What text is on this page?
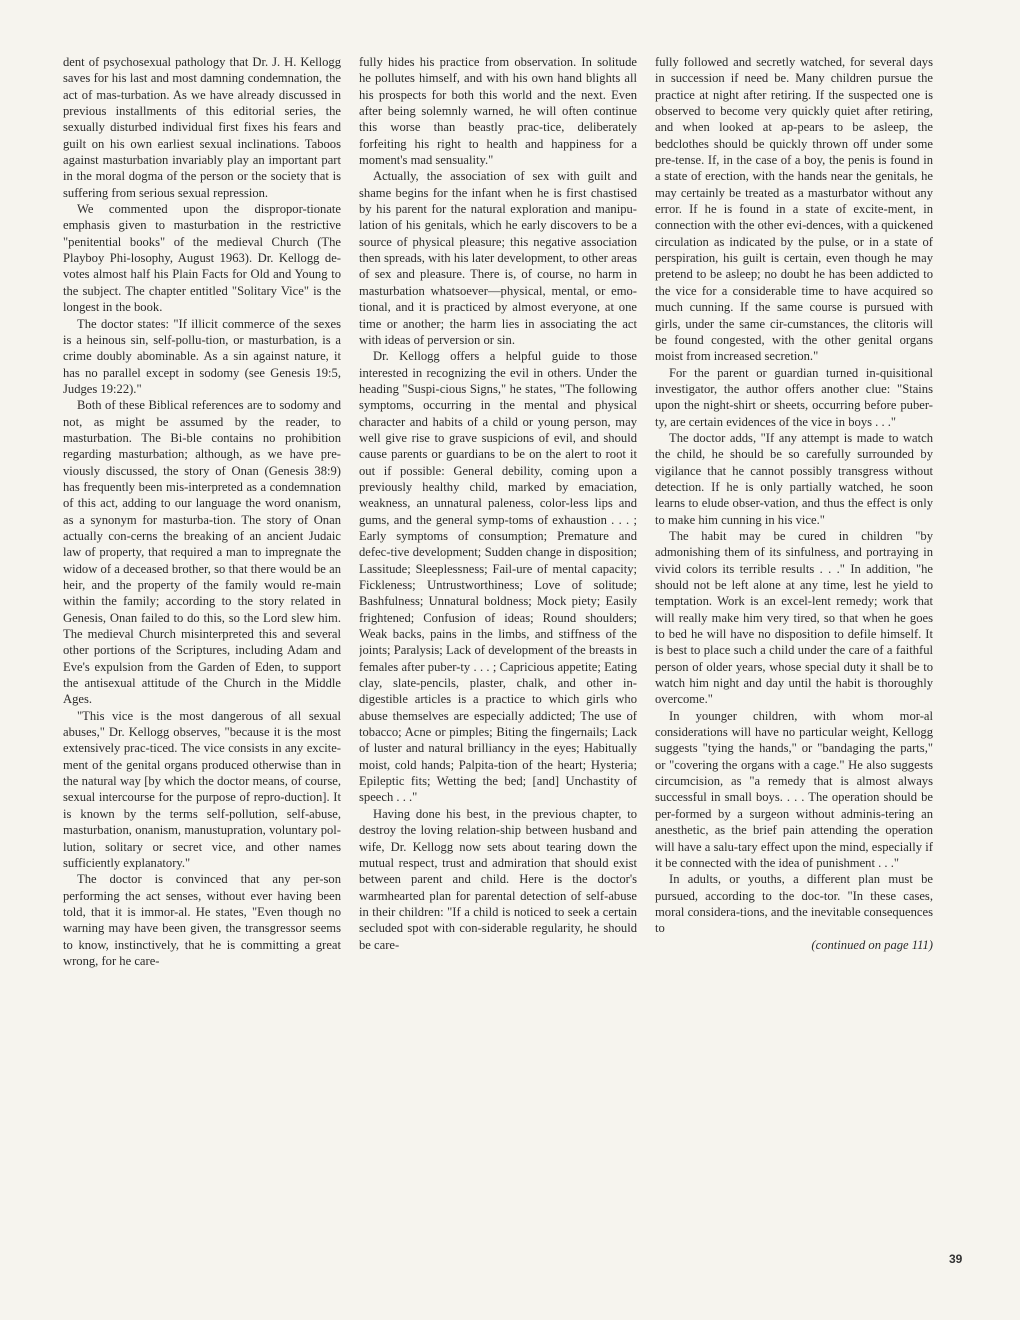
dent of psychosexual pathology that Dr. J. H. Kellogg saves for his last and most damning condemnation, the act of mas-turbation. As we have already discussed in previous installments of this editorial series, the sexually disturbed individual first fixes his fears and guilt on his own earliest sexual inclinations. Taboos against masturbation invariably play an important part in the moral dogma of the person or the society that is suffering from serious sexual repression.

We commented upon the dispropor-tionate emphasis given to masturbation in the restrictive "penitential books" of the medieval Church (The Playboy Phi-losophy, August 1963). Dr. Kellogg de-votes almost half his Plain Facts for Old and Young to the subject. The chapter entitled "Solitary Vice" is the longest in the book.

The doctor states: "If illicit commerce of the sexes is a heinous sin, self-pollu-tion, or masturbation, is a crime doubly abominable. As a sin against nature, it has no parallel except in sodomy (see Genesis 19:5, Judges 19:22)."

Both of these Biblical references are to sodomy and not, as might be assumed by the reader, to masturbation. The Bi-ble contains no prohibition regarding masturbation; although, as we have pre-viously discussed, the story of Onan (Genesis 38:9) has frequently been mis-interpreted as a condemnation of this act, adding to our language the word onanism, as a synonym for masturba-tion. The story of Onan actually con-cerns the breaking of an ancient Judaic law of property, that required a man to impregnate the widow of a deceased brother, so that there would be an heir, and the property of the family would re-main within the family; according to the story related in Genesis, Onan failed to do this, so the Lord slew him. The medieval Church misinterpreted this and several other portions of the Scriptures, including Adam and Eve's expulsion from the Garden of Eden, to support the antisexual attitude of the Church in the Middle Ages.

"This vice is the most dangerous of all sexual abuses," Dr. Kellogg observes, "because it is the most extensively prac-ticed. The vice consists in any excite-ment of the genital organs produced otherwise than in the natural way [by which the doctor means, of course, sexual intercourse for the purpose of repro-duction]. It is known by the terms self-pollution, self-abuse, masturbation, onanism, manustupration, voluntary pol-lution, solitary or secret vice, and other names sufficiently explanatory."

The doctor is convinced that any per-son performing the act senses, without ever having been told, that it is immor-al. He states, "Even though no warning may have been given, the transgressor seems to know, instinctively, that he is committing a great wrong, for he care-

fully hides his practice from observation. In solitude he pollutes himself, and with his own hand blights all his prospects for both this world and the next. Even after being solemnly warned, he will often continue this worse than beastly prac-tice, deliberately forfeiting his right to health and happiness for a moment's mad sensuality."

Actually, the association of sex with guilt and shame begins for the infant when he is first chastised by his parent for the natural exploration and manipu-lation of his genitals, which he early discovers to be a source of physical pleasure; this negative association then spreads, with his later development, to other areas of sex and pleasure. There is, of course, no harm in masturbation whatsoever—physical, mental, or emo-tional, and it is practiced by almost everyone, at one time or another; the harm lies in associating the act with ideas of perversion or sin.

Dr. Kellogg offers a helpful guide to those interested in recognizing the evil in others. Under the heading "Suspi-cious Signs," he states, "The following symptoms, occurring in the mental and physical character and habits of a child or young person, may well give rise to grave suspicions of evil, and should cause parents or guardians to be on the alert to root it out if possible: General debility, coming upon a previously healthy child, marked by emaciation, weakness, an unnatural paleness, color-less lips and gums, and the general symp-toms of exhaustion . . . ; Early symptoms of consumption; Premature and defec-tive development; Sudden change in disposition; Lassitude; Sleeplessness; Fail-ure of mental capacity; Fickleness; Untrustworthiness; Love of solitude; Bashfulness; Unnatural boldness; Mock piety; Easily frightened; Confusion of ideas; Round shoulders; Weak backs, pains in the limbs, and stiffness of the joints; Paralysis; Lack of development of the breasts in females after puber-ty . . . ; Capricious appetite; Eating clay, slate-pencils, plaster, chalk, and other in-digestible articles is a practice to which girls who abuse themselves are especially addicted; The use of tobacco; Acne or pimples; Biting the fingernails; Lack of luster and natural brilliancy in the eyes; Habitually moist, cold hands; Palpita-tion of the heart; Hysteria; Epileptic fits; Wetting the bed; [and] Unchastity of speech . . ."

Having done his best, in the previous chapter, to destroy the loving relation-ship between husband and wife, Dr. Kellogg now sets about tearing down the mutual respect, trust and admiration that should exist between parent and child. Here is the doctor's warmhearted plan for parental detection of self-abuse in their children: "If a child is noticed to seek a certain secluded spot with con-siderable regularity, he should be care-

fully followed and secretly watched, for several days in succession if need be. Many children pursue the practice at night after retiring. If the suspected one is observed to become very quickly quiet after retiring, and when looked at ap-pears to be asleep, the bedclothes should be quickly thrown off under some pre-tense. If, in the case of a boy, the penis is found in a state of erection, with the hands near the genitals, he may certainly be treated as a masturbator without any error. If he is found in a state of excite-ment, in connection with the other evi-dences, with a quickened circulation as indicated by the pulse, or in a state of perspiration, his guilt is certain, even though he may pretend to be asleep; no doubt he has been addicted to the vice for a considerable time to have acquired so much cunning. If the same course is pursued with girls, under the same cir-cumstances, the clitoris will be found congested, with the other genital organs moist from increased secretion."

For the parent or guardian turned in-quisitional investigator, the author offers another clue: "Stains upon the night-shirt or sheets, occurring before puber-ty, are certain evidences of the vice in boys . . ."

The doctor adds, "If any attempt is made to watch the child, he should be so carefully surrounded by vigilance that he cannot possibly transgress without detection. If he is only partially watched, he soon learns to elude obser-vation, and thus the effect is only to make him cunning in his vice."

The habit may be cured in children "by admonishing them of its sinfulness, and portraying in vivid colors its terrible results . . ." In addition, "he should not be left alone at any time, lest he yield to temptation. Work is an excel-lent remedy; work that will really make him very tired, so that when he goes to bed he will have no disposition to defile himself. It is best to place such a child under the care of a faithful person of older years, whose special duty it shall be to watch him night and day until the habit is thoroughly overcome."

In younger children, with whom mor-al considerations will have no particular weight, Kellogg suggests "tying the hands," or "bandaging the parts," or "covering the organs with a cage." He also suggests circumcision, as "a remedy that is almost always successful in small boys. . . . The operation should be per-formed by a surgeon without adminis-tering an anesthetic, as the brief pain attending the operation will have a salu-tary effect upon the mind, especially if it be connected with the idea of punishment . . ."

In adults, or youths, a different plan must be pursued, according to the doc-tor. "In these cases, moral considera-tions, and the inevitable consequences to

(continued on page 111)

39
